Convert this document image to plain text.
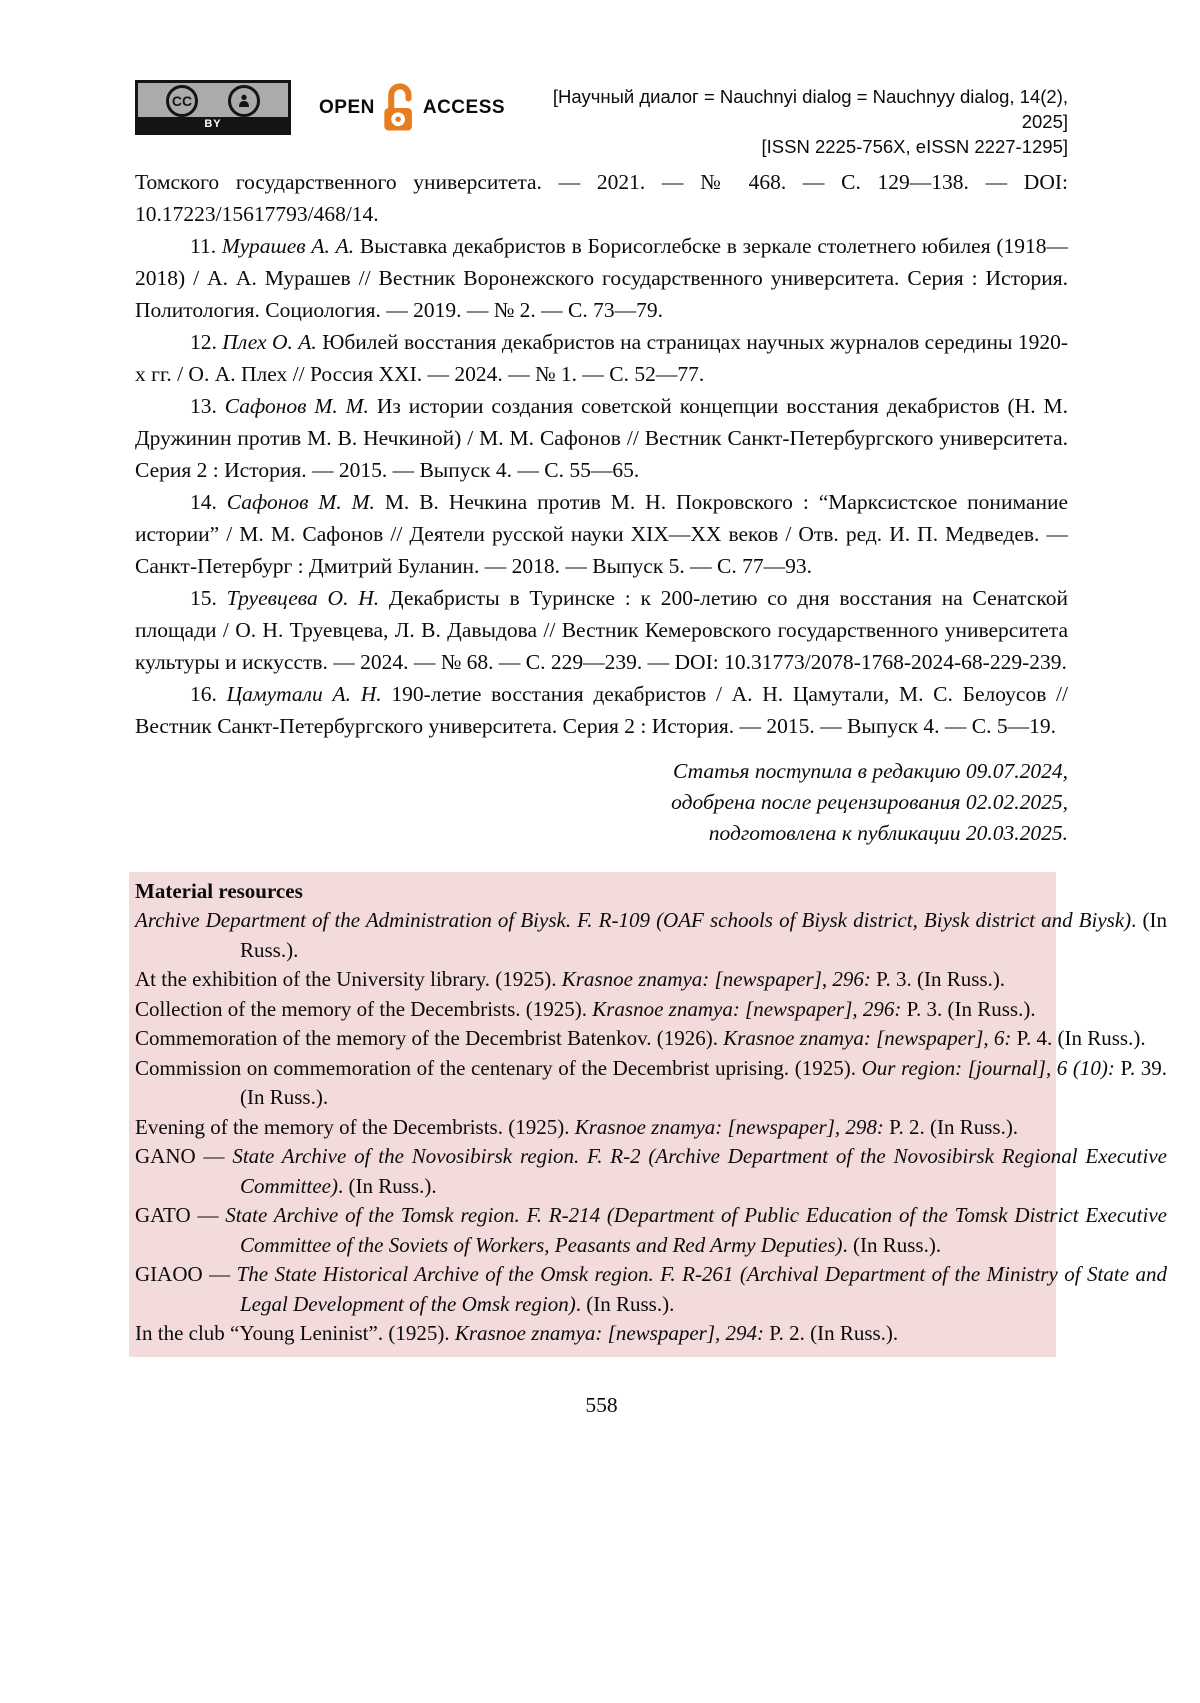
CC
BY
OPEN	ACCESS	[Научный диалог = Nauchnyi dialog = Nauchnyy dialog, 14(2), 2025]
[ISSN 2225-756X, eISSN 2227-1295]

Томского государственного университета. — 2021. — № 468. — С. 129—138. — DOI: 10.17223/15617793/468/14.

11. Мурашев А. А. Выставка декабристов в Борисоглебске в зеркале столетнего юбилея (1918—2018) / А. А. Мурашев // Вестник Воронежского государственного университета. Серия : История. Политология. Социология. — 2019. — № 2. — С. 73—79.

12. Плех О. А. Юбилей восстания декабристов на страницах научных журналов середины 1920-х гг. / О. А. Плех // Россия XXI. — 2024. — № 1. — С. 52—77.

13. Сафонов М. М. Из истории создания советской концепции восстания декабристов (Н. М. Дружинин против М. В. Нечкиной) / М. М. Сафонов // Вестник Санкт-Петербургского университета. Серия 2 : История. — 2015. — Выпуск 4. — С. 55—65.

14. Сафонов М. М. М. В. Нечкина против М. Н. Покровского : “Марксистское понимание истории” / М. М. Сафонов // Деятели русской науки XIX—XX веков / Отв. ред. И. П. Медведев. — Санкт-Петербург : Дмитрий Буланин. — 2018. — Выпуск 5. — С. 77—93.

15. Труевцева О. Н. Декабристы в Туринске : к 200-летию со дня восстания на Сенатской площади / О. Н. Труевцева, Л. В. Давыдова // Вестник Кемеровского государственного университета культуры и искусств. — 2024. — № 68. — С. 229—239. — DOI: 10.31773/2078-1768-2024-68-229-239.

16. Цамутали А. Н. 190-летие восстания декабристов / А. Н. Цамутали, М. С. Белоусов // Вестник Санкт-Петербургского университета. Серия 2 : История. — 2015. — Выпуск 4. — С. 5—19.

Статья поступила в редакцию 09.07.2024,
одобрена после рецензирования 02.02.2025,
подготовлена к публикации 20.03.2025.
Material resources

Archive Department of the Administration of Biysk. F. R-109 (OAF schools of Biysk district, Biysk district and Biysk). (In Russ.).

At the exhibition of the University library. (1925). Krasnoe znamya: [newspaper], 296: P. 3. (In Russ.).

Collection of the memory of the Decembrists. (1925). Krasnoe znamya: [newspaper], 296: P. 3. (In Russ.).

Commemoration of the memory of the Decembrist Batenkov. (1926). Krasnoe znamya: [newspaper], 6: P. 4. (In Russ.).

Commission on commemoration of the centenary of the Decembrist uprising. (1925). Our region: [journal], 6 (10): P. 39. (In Russ.).

Evening of the memory of the Decembrists. (1925). Krasnoe znamya: [newspaper], 298: P. 2. (In Russ.).

GANO — State Archive of the Novosibirsk region. F. R-2 (Archive Department of the Novosibirsk Regional Executive Committee). (In Russ.).

GATO — State Archive of the Tomsk region. F. R-214 (Department of Public Education of the Tomsk District Executive Committee of the Soviets of Workers, Peasants and Red Army Deputies). (In Russ.).

GIAOO — The State Historical Archive of the Omsk region. F. R-261 (Archival Department of the Ministry of State and Legal Development of the Omsk region). (In Russ.).

In the club “Young Leninist”. (1925). Krasnoe znamya: [newspaper], 294: P. 2. (In Russ.).

558
